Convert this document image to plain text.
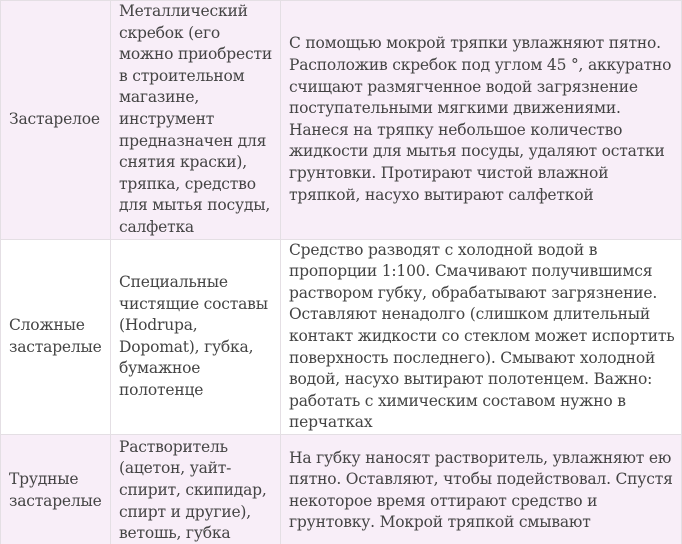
Застарелое	Металлический скребок (его можно приобрести в строительном магазине, инструмент предназначен для снятия краски), тряпка, средство для мытья посуды, салфетка	С помощью мокрой тряпки увлажняют пятно. Расположив скребок под углом 45 °, аккуратно счищают размягченное водой загрязнение поступательными мягкими движениями. Нанеся на тряпку небольшое количество жидкости для мытья посуды, удаляют остатки грунтовки. Протирают чистой влажной тряпкой, насухо вытирают салфеткой

Сложные застарелые	Специальные чистящие составы (Hodrupa, Dopomat), губка, бумажное полотенце	Средство разводят с холодной водой в пропорции 1:100. Смачивают получившимся раствором губку, обрабатывают загрязнение. Оставляют ненадолго (слишком длительный контакт жидкости со стеклом может испортить поверхность последнего). Смывают холодной водой, насухо вытирают полотенцем. Важно: работать с химическим составом нужно в перчатках

Трудные застарелые	Растворитель (ацетон, уайт-спирит, скипидар, спирт и другие), ветошь, губка	На губку наносят растворитель, увлажняют ею пятно. Оставляют, чтобы подействовал. Спустя некоторое время оттирают средство и грунтовку. Мокрой тряпкой смывают
